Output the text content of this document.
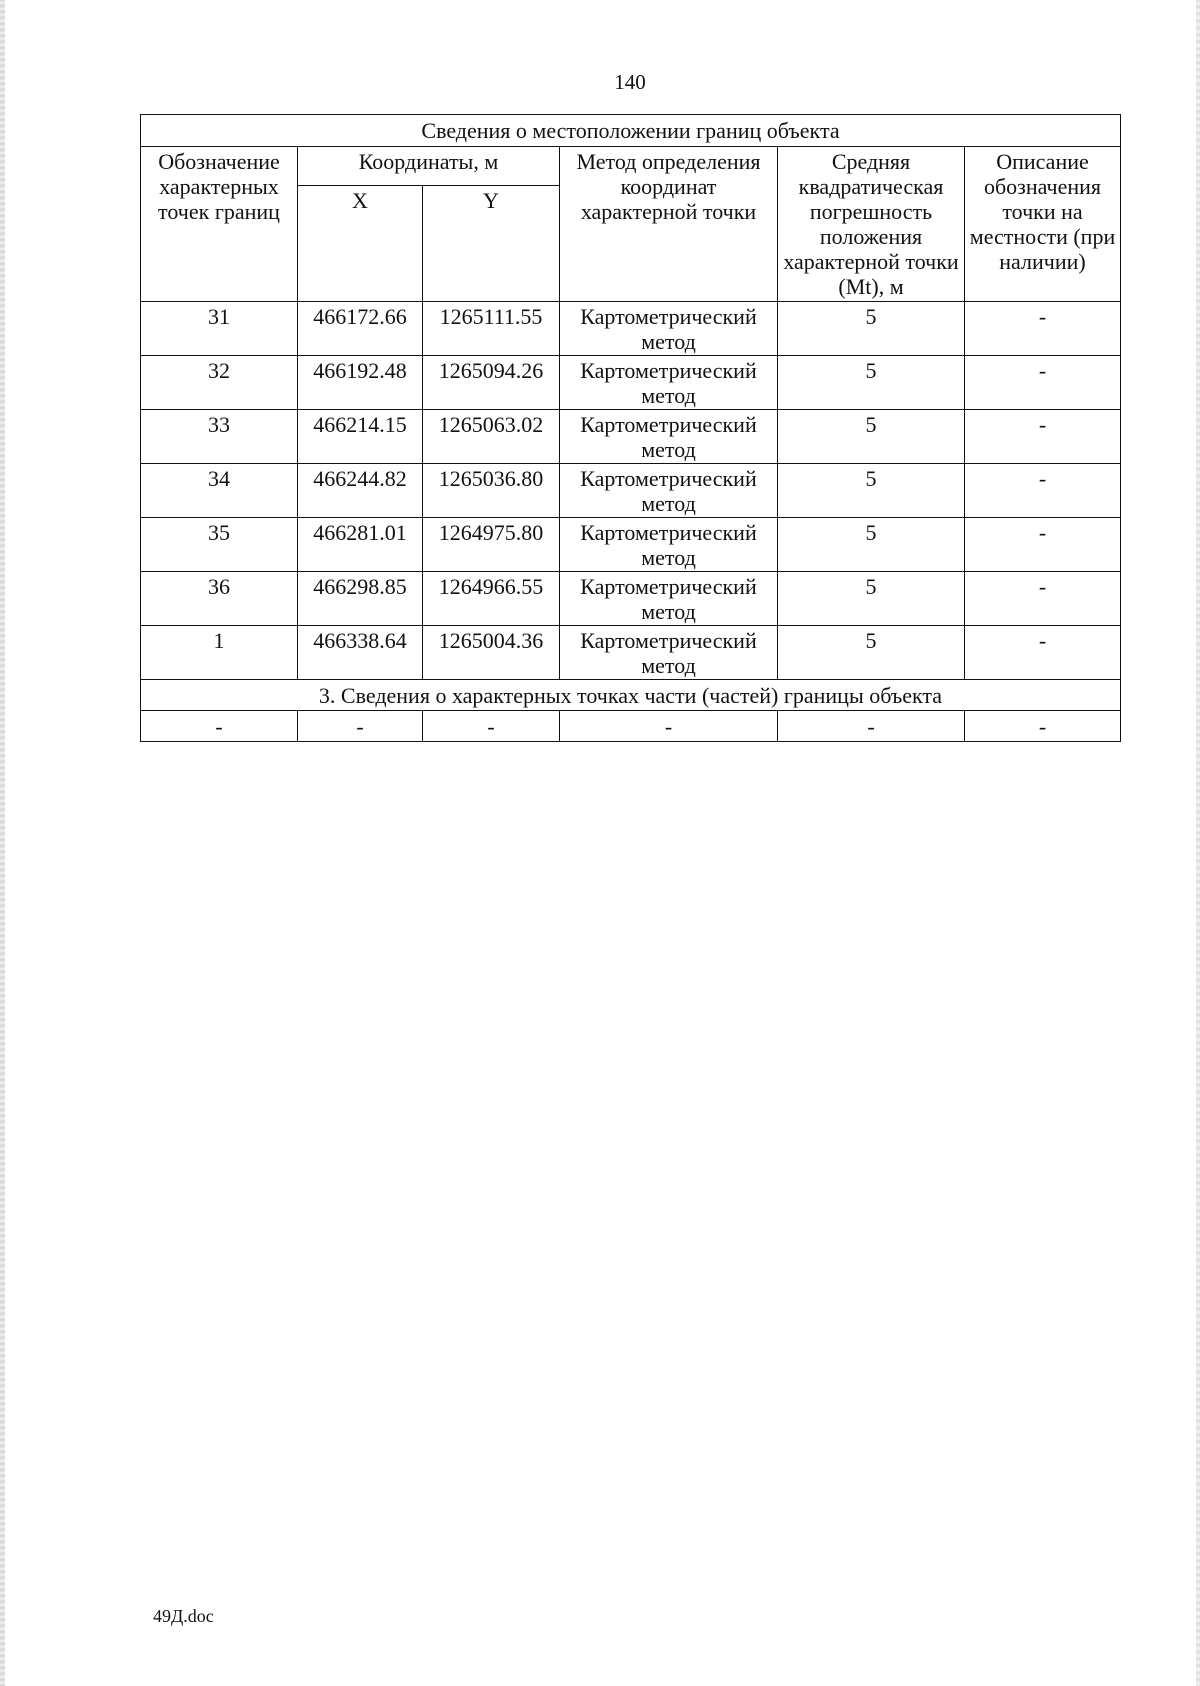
140
Сведения о местоположении границ объекта					
Обозначение характерных точек границ	Координаты, м		Метод определения координат характерной точки	Средняя квадратическая погрешность положения характерной точки (Mt), м	Описание обозначения точки на местности (при наличии)
	X	Y			
31	466172.66	1265111.55	Картометрический метод	5	-
32	466192.48	1265094.26	Картометрический метод	5	-
33	466214.15	1265063.02	Картометрический метод	5	-
34	466244.82	1265036.80	Картометрический метод	5	-
35	466281.01	1264975.80	Картометрический метод	5	-
36	466298.85	1264966.55	Картометрический метод	5	-
1	466338.64	1265004.36	Картометрический метод	5	-
3. Сведения о характерных точках части (частей) границы объекта					
-	-	-	-	-	-
49Д.doc
